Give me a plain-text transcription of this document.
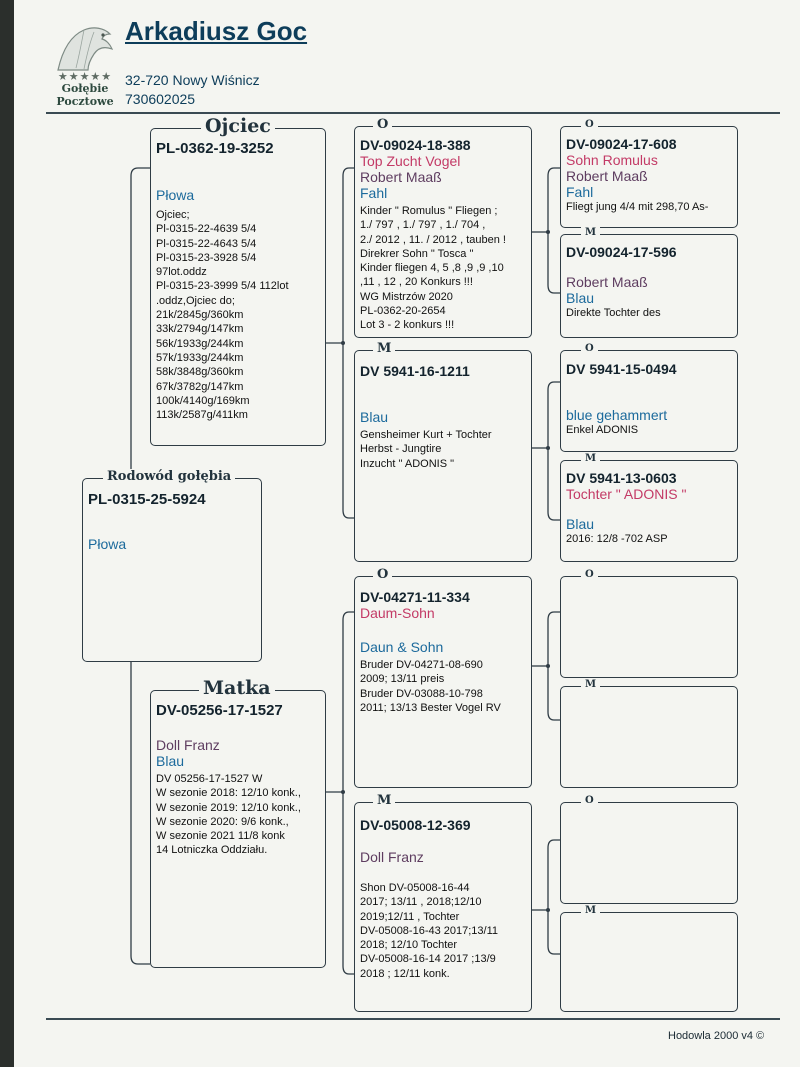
★★★★★
Gołębie
Pocztowe
Arkadiusz Goc
32-720 Nowy Wiśnicz
730602025
Ojciec
PL-0362-19-3252
Płowa
Ojciec;
Pl-0315-22-4639 5/4
Pl-0315-22-4643 5/4
Pl-0315-23-3928 5/4
97lot.oddz
Pl-0315-23-3999 5/4 112lot
.oddz,Ojciec do;
21k/2845g/360km
33k/2794g/147km
56k/1933g/244km
57k/1933g/244km
58k/3848g/360km
67k/3782g/147km
100k/4140g/169km
113k/2587g/411km
Rodowód gołębia
PL-0315-25-5924
Płowa
Matka
DV-05256-17-1527
Doll Franz
Blau
DV 05256-17-1527 W
W sezonie 2018: 12/10 konk.,
W sezonie 2019: 12/10 konk.,
W sezonie 2020: 9/6 konk.,
W sezonie 2021 11/8 konk
14 Lotniczka Oddziału.
O
DV-09024-18-388
Top Zucht Vogel
Robert Maaß
Fahl
Kinder " Romulus " Fliegen ;
1./ 797 , 1./ 797 , 1./ 704 ,
2./ 2012 , 11. / 2012 , tauben !
Direkrer Sohn " Tosca "
Kinder fliegen 4, 5 ,8 ,9 ,9 ,10
,11 , 12 , 20 Konkurs !!!
WG Mistrzów 2020
PL-0362-20-2654
Lot 3 - 2 konkurs !!!
M
DV 5941-16-1211
Blau
Gensheimer Kurt + Tochter
Herbst - Jungtire
Inzucht " ADONIS "
O
DV-04271-11-334
Daum-Sohn
Daun & Sohn
Bruder DV-04271-08-690
2009; 13/11 preis
Bruder DV-03088-10-798
2011; 13/13 Bester Vogel RV
M
DV-05008-12-369
Doll Franz
Shon DV-05008-16-44
2017; 13/11 , 2018;12/10
2019;12/11 , Tochter
DV-05008-16-43 2017;13/11
2018; 12/10 Tochter
DV-05008-16-14 2017 ;13/9
2018 ; 12/11 konk.
O
DV-09024-17-608
Sohn Romulus
Robert Maaß
Fahl
Fliegt jung 4/4 mit 298,70 As-
M
DV-09024-17-596
Robert Maaß
Blau
Direkte Tochter des
O
DV 5941-15-0494
blue gehammert
Enkel ADONIS
M
DV 5941-13-0603
Tochter " ADONIS "
Blau
2016: 12/8 -702 ASP
O
M
O
M
Hodowla 2000 v4 ©
